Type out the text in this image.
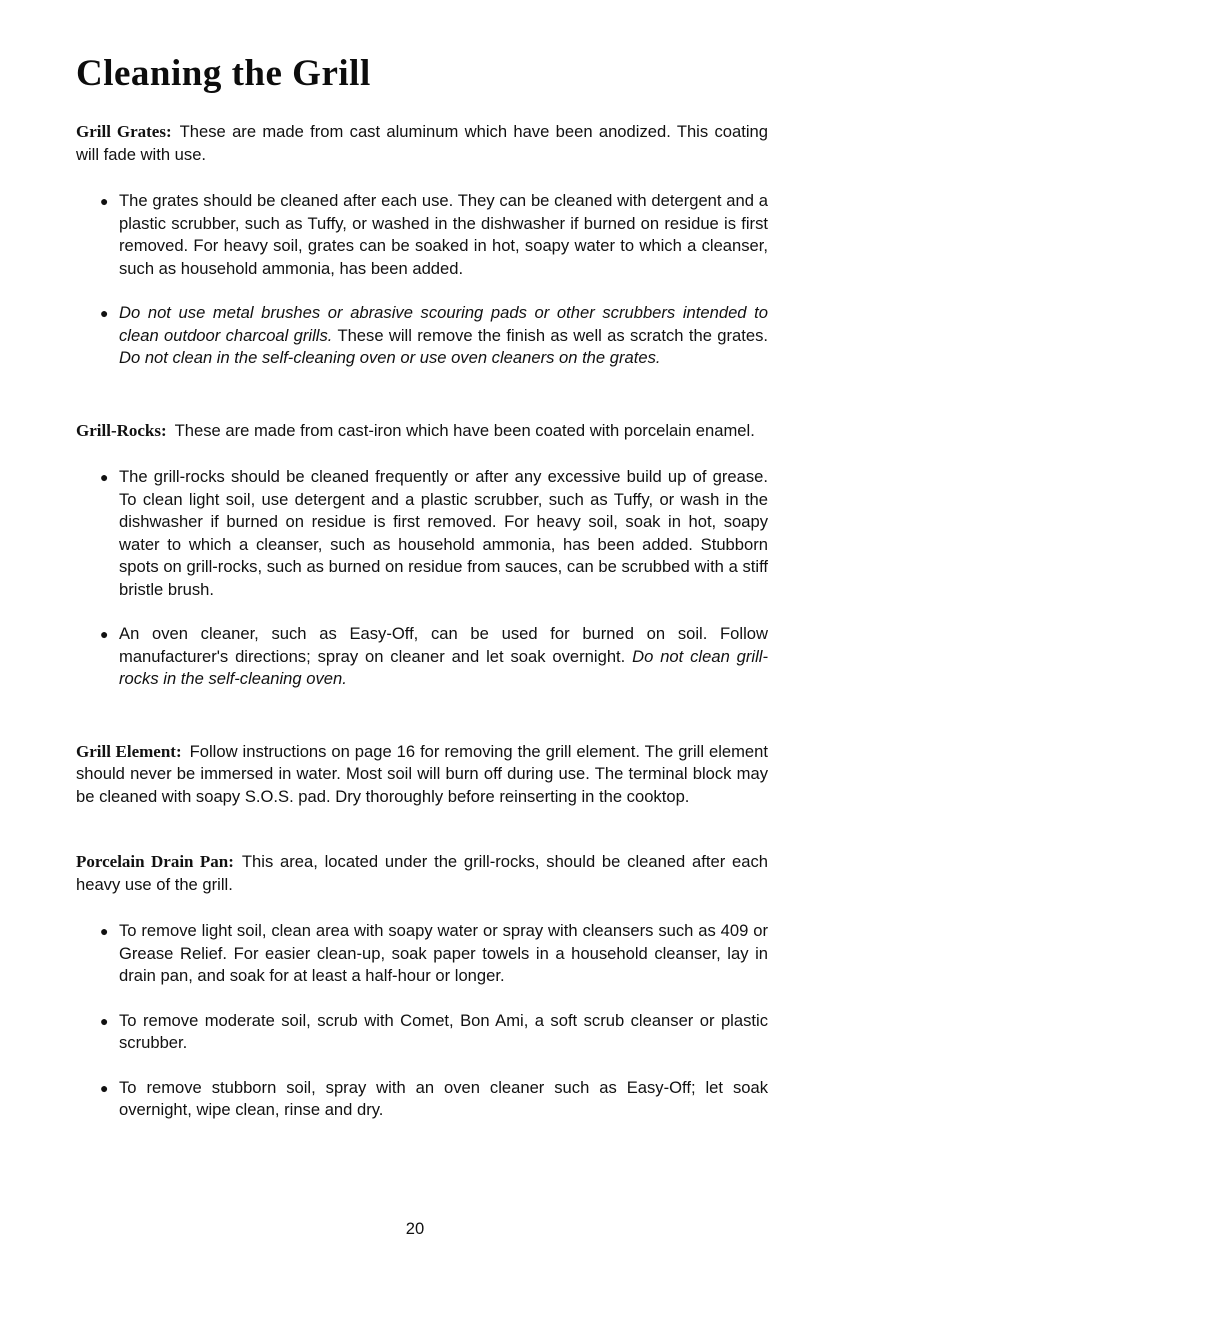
Cleaning the Grill

Grill Grates: These are made from cast aluminum which have been anodized. This coating will fade with use.

● The grates should be cleaned after each use. They can be cleaned with detergent and a plastic scrubber, such as Tuffy, or washed in the dishwasher if burned on residue is first removed. For heavy soil, grates can be soaked in hot, soapy water to which a cleanser, such as household ammonia, has been added.
● Do not use metal brushes or abrasive scouring pads or other scrubbers intended to clean outdoor charcoal grills. These will remove the finish as well as scratch the grates. Do not clean in the self-cleaning oven or use oven cleaners on the grates.

Grill-Rocks: These are made from cast-iron which have been coated with porcelain enamel.

● The grill-rocks should be cleaned frequently or after any excessive build up of grease. To clean light soil, use detergent and a plastic scrubber, such as Tuffy, or wash in the dishwasher if burned on residue is first removed. For heavy soil, soak in hot, soapy water to which a cleanser, such as household ammonia, has been added. Stubborn spots on grill-rocks, such as burned on residue from sauces, can be scrubbed with a stiff bristle brush.
● An oven cleaner, such as Easy-Off, can be used for burned on soil. Follow manufacturer's directions; spray on cleaner and let soak overnight. Do not clean grill-rocks in the self-cleaning oven.

Grill Element: Follow instructions on page 16 for removing the grill element. The grill element should never be immersed in water. Most soil will burn off during use. The terminal block may be cleaned with soapy S.O.S. pad. Dry thoroughly before reinserting in the cooktop.

Porcelain Drain Pan: This area, located under the grill-rocks, should be cleaned after each heavy use of the grill.

● To remove light soil, clean area with soapy water or spray with cleansers such as 409 or Grease Relief. For easier clean-up, soak paper towels in a household cleanser, lay in drain pan, and soak for at least a half-hour or longer.
● To remove moderate soil, scrub with Comet, Bon Ami, a soft scrub cleanser or plastic scrubber.
● To remove stubborn soil, spray with an oven cleaner such as Easy-Off; let soak overnight, wipe clean, rinse and dry.
20
